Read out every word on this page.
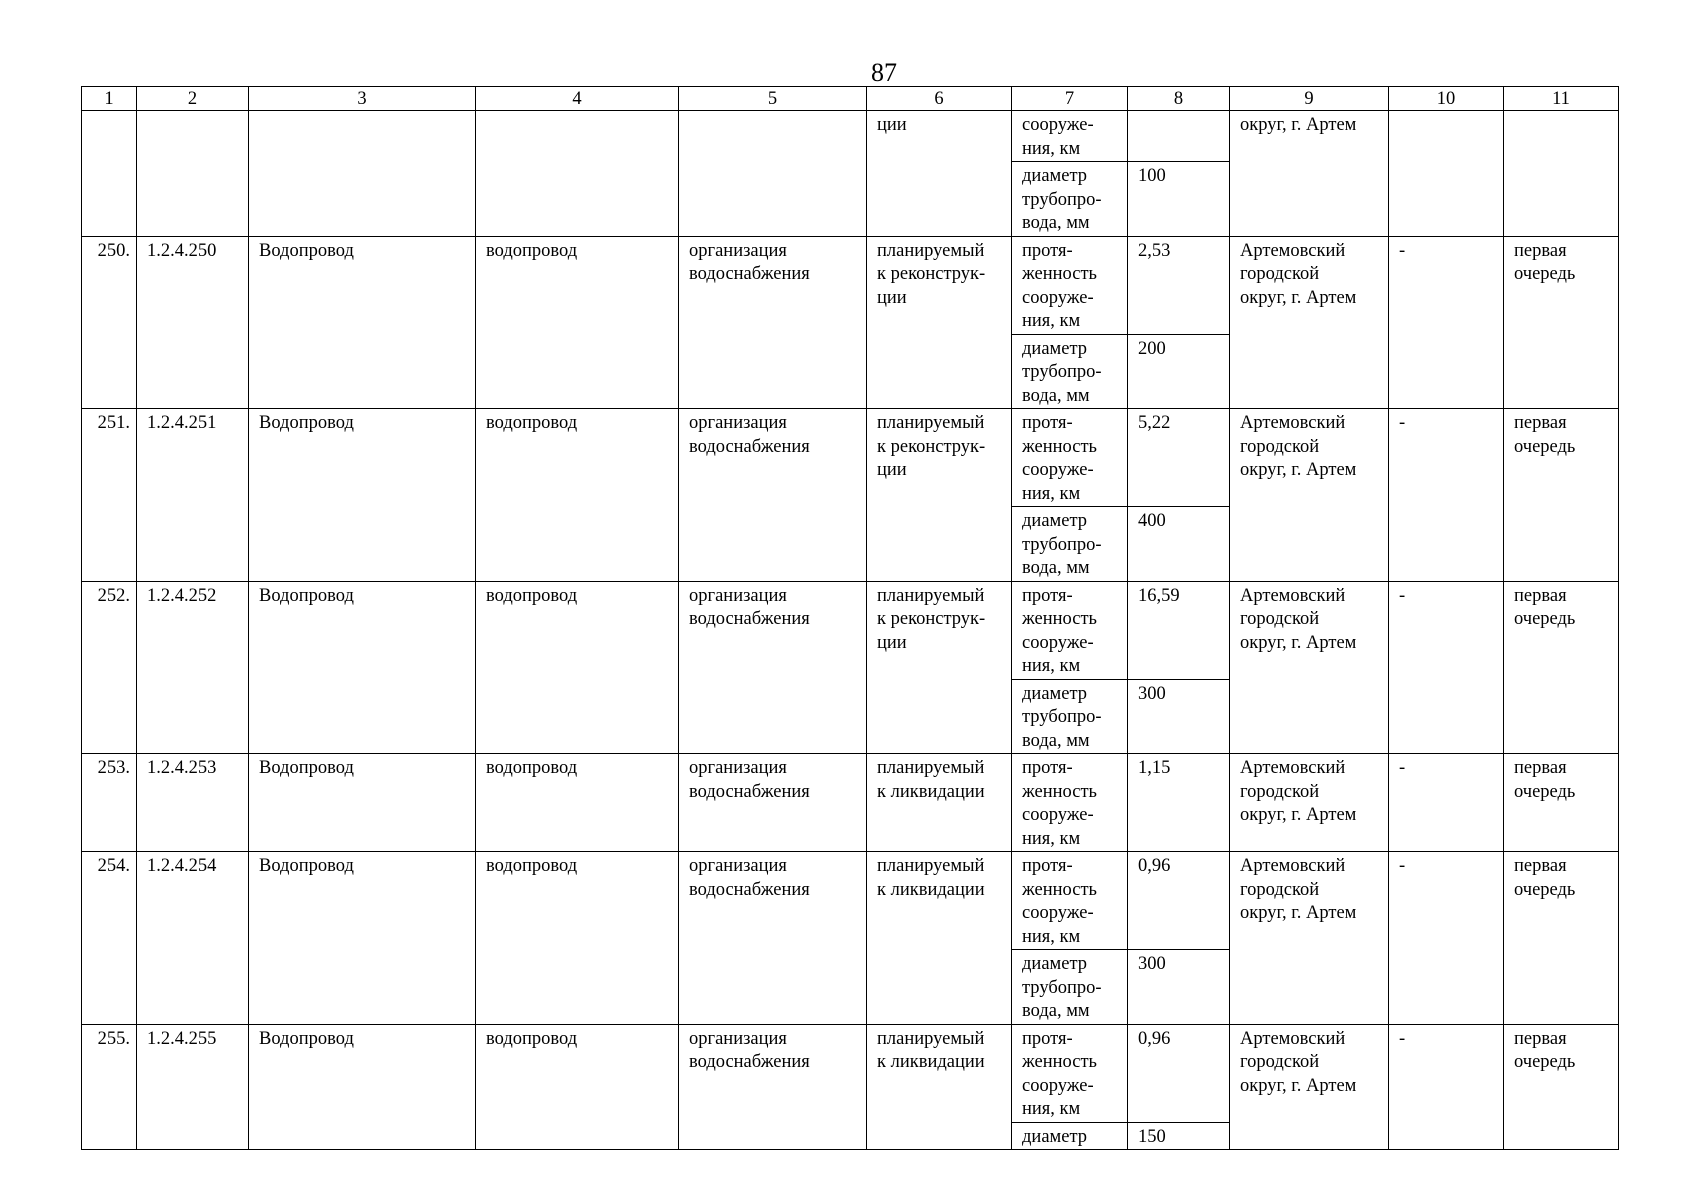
87
1	2	3	4	5	6	7	8	9	10	11
					ции	сооруже-
ния, км		округ, г. Артем		
						диаметр
трубопро-
вода, мм	100			
250.	1.2.4.250	Водопровод	водопровод	организация
водоснабжения	планируемый
к реконструк-
ции	протя-
женность
сооруже-
ния, км	2,53	Артемовский
городской
округ, г. Артем	-	первая
очередь
						диаметр
трубопро-
вода, мм	200			
251.	1.2.4.251	Водопровод	водопровод	организация
водоснабжения	планируемый
к реконструк-
ции	протя-
женность
сооруже-
ния, км	5,22	Артемовский
городской
округ, г. Артем	-	первая
очередь
						диаметр
трубопро-
вода, мм	400			
252.	1.2.4.252	Водопровод	водопровод	организация
водоснабжения	планируемый
к реконструк-
ции	протя-
женность
сооруже-
ния, км	16,59	Артемовский
городской
округ, г. Артем	-	первая
очередь
						диаметр
трубопро-
вода, мм	300			
253.	1.2.4.253	Водопровод	водопровод	организация
водоснабжения	планируемый
к ликвидации	протя-
женность
сооруже-
ния, км	1,15	Артемовский
городской
округ, г. Артем	-	первая
очередь
254.	1.2.4.254	Водопровод	водопровод	организация
водоснабжения	планируемый
к ликвидации	протя-
женность
сооруже-
ния, км	0,96	Артемовский
городской
округ, г. Артем	-	первая
очередь
						диаметр
трубопро-
вода, мм	300			
255.	1.2.4.255	Водопровод	водопровод	организация
водоснабжения	планируемый
к ликвидации	протя-
женность
сооруже-
ния, км	0,96	Артемовский
городской
округ, г. Артем	-	первая
очередь
						диаметр	150			
